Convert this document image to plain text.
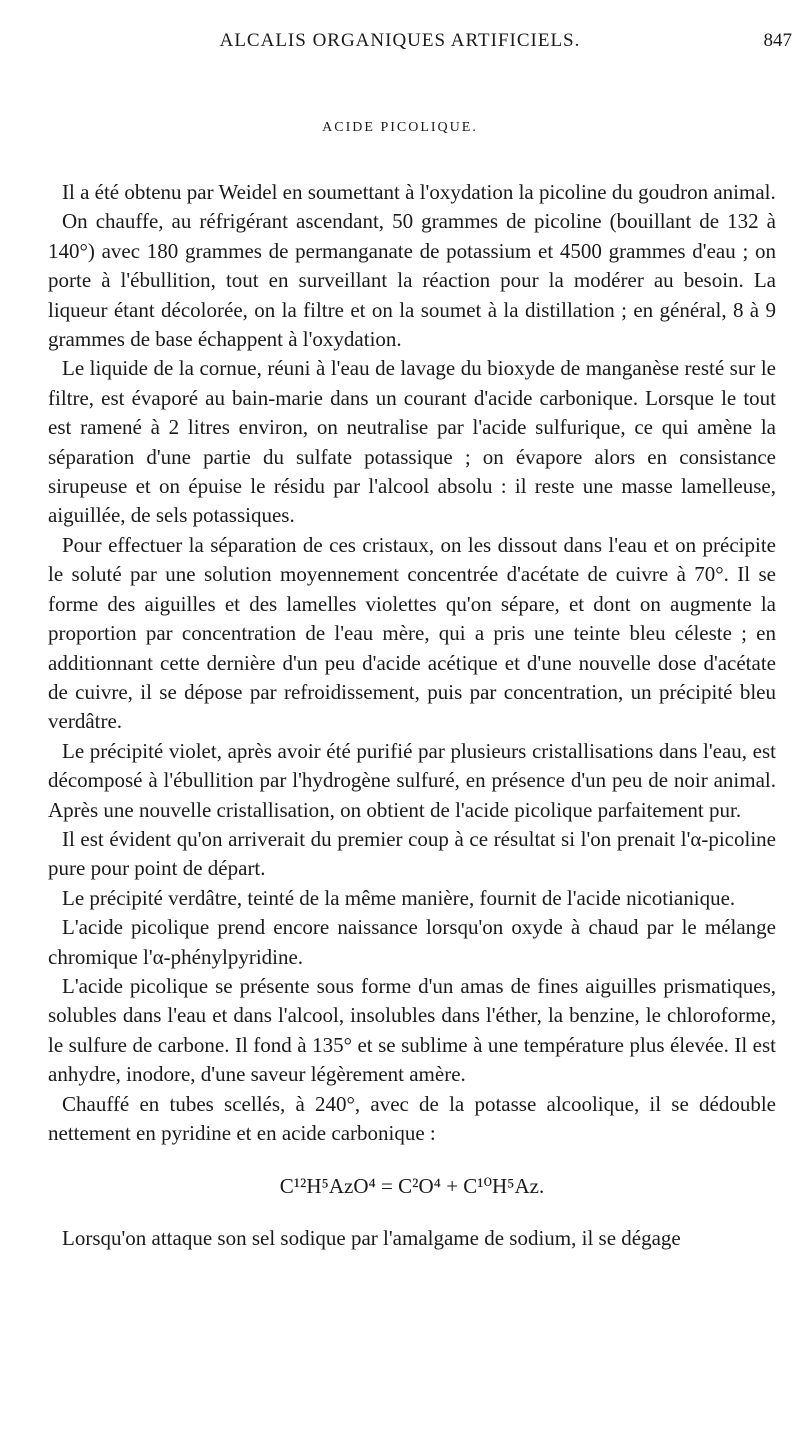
ALCALIS ORGANIQUES ARTIFICIELS.	847
ACIDE PICOLIQUE.

Il a été obtenu par Weidel en soumettant à l'oxydation la picoline du goudron animal.

On chauffe, au réfrigérant ascendant, 50 grammes de picoline (bouillant de 132 à 140°) avec 180 grammes de permanganate de potassium et 4500 grammes d'eau ; on porte à l'ébullition, tout en surveillant la réaction pour la modérer au besoin. La liqueur étant décolorée, on la filtre et on la soumet à la distillation ; en général, 8 à 9 grammes de base échappent à l'oxydation.

Le liquide de la cornue, réuni à l'eau de lavage du bioxyde de manganèse resté sur le filtre, est évaporé au bain-marie dans un courant d'acide carbonique. Lorsque le tout est ramené à 2 litres environ, on neutralise par l'acide sulfurique, ce qui amène la séparation d'une partie du sulfate potassique ; on évapore alors en consistance sirupeuse et on épuise le résidu par l'alcool absolu : il reste une masse lamelleuse, aiguillée, de sels potassiques.

Pour effectuer la séparation de ces cristaux, on les dissout dans l'eau et on précipite le soluté par une solution moyennement concentrée d'acétate de cuivre à 70°. Il se forme des aiguilles et des lamelles violettes qu'on sépare, et dont on augmente la proportion par concentration de l'eau mère, qui a pris une teinte bleu céleste ; en additionnant cette dernière d'un peu d'acide acétique et d'une nouvelle dose d'acétate de cuivre, il se dépose par refroidissement, puis par concentration, un précipité bleu verdâtre.

Le précipité violet, après avoir été purifié par plusieurs cristallisations dans l'eau, est décomposé à l'ébullition par l'hydrogène sulfuré, en présence d'un peu de noir animal. Après une nouvelle cristallisation, on obtient de l'acide picolique parfaitement pur.

Il est évident qu'on arriverait du premier coup à ce résultat si l'on prenait l'α-picoline pure pour point de départ.

Le précipité verdâtre, teinté de la même manière, fournit de l'acide nicotianique.

L'acide picolique prend encore naissance lorsqu'on oxyde à chaud par le mélange chromique l'α-phénylpyridine.

L'acide picolique se présente sous forme d'un amas de fines aiguilles prismatiques, solubles dans l'eau et dans l'alcool, insolubles dans l'éther, la benzine, le chloroforme, le sulfure de carbone. Il fond à 135° et se sublime à une température plus élevée. Il est anhydre, inodore, d'une saveur légèrement amère.

Chauffé en tubes scellés, à 240°, avec de la potasse alcoolique, il se dédouble nettement en pyridine et en acide carbonique :

C¹²H⁵AzO⁴ = C²O⁴ + C¹⁰H⁵Az.

Lorsqu'on attaque son sel sodique par l'amalgame de sodium, il se dégage
